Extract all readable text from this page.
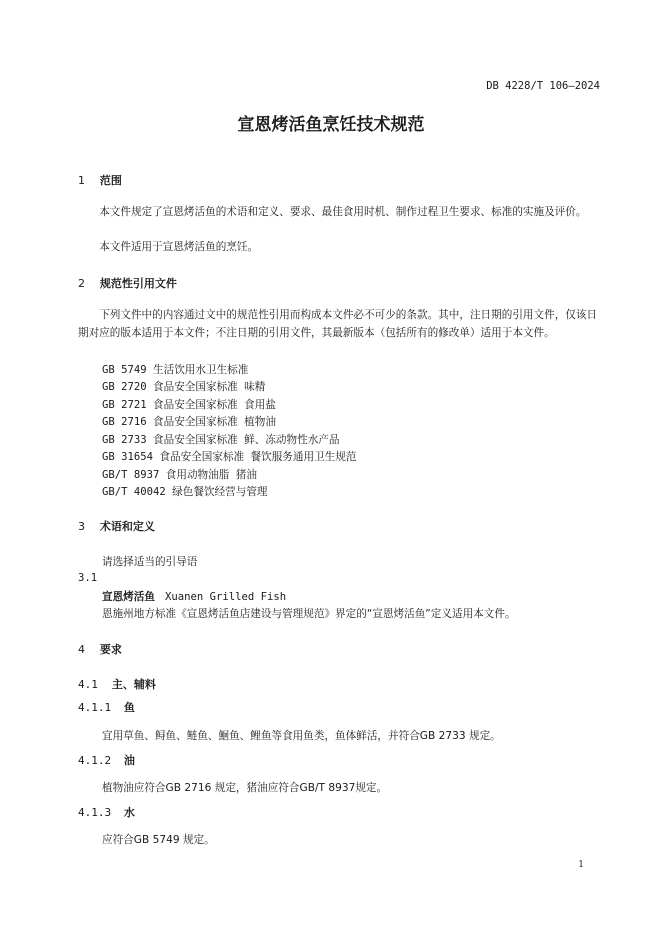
DB 4228/T 106—2024
宣恩烤活鱼烹饪技术规范
1 范围
本文件规定了宣恩烤活鱼的术语和定义、要求、最佳食用时机、制作过程卫生要求、标准的实施及评价。
本文件适用于宣恩烤活鱼的烹饪。
2 规范性引用文件
下列文件中的内容通过文中的规范性引用而构成本文件必不可少的条款。其中，注日期的引用文件，仅该日期对应的版本适用于本文件；不注日期的引用文件，其最新版本（包括所有的修改单）适用于本文件。
GB 5749 生活饮用水卫生标准
GB 2720 食品安全国家标准 味精
GB 2721 食品安全国家标准 食用盐
GB 2716 食品安全国家标准 植物油
GB 2733 食品安全国家标准 鲜、冻动物性水产品
GB 31654 食品安全国家标准 餐饮服务通用卫生规范
GB/T 8937 食用动物油脂 猪油
GB/T 40042 绿色餐饮经营与管理
3 术语和定义
请选择适当的引导语
3.1
宣恩烤活鱼 Xuanen Grilled Fish
恩施州地方标准《宣恩烤活鱼店建设与管理规范》界定的“宣恩烤活鱼”定义适用本文件。
4 要求
4.1 主、辅料
4.1.1 鱼
宜用草鱼、鲟鱼、鲢鱼、鮰鱼、鲤鱼等食用鱼类，鱼体鲜活，并符合GB 2733 规定。
4.1.2 油
植物油应符合GB 2716 规定，猪油应符合GB/T 8937规定。
4.1.3 水
应符合GB 5749 规定。
1
